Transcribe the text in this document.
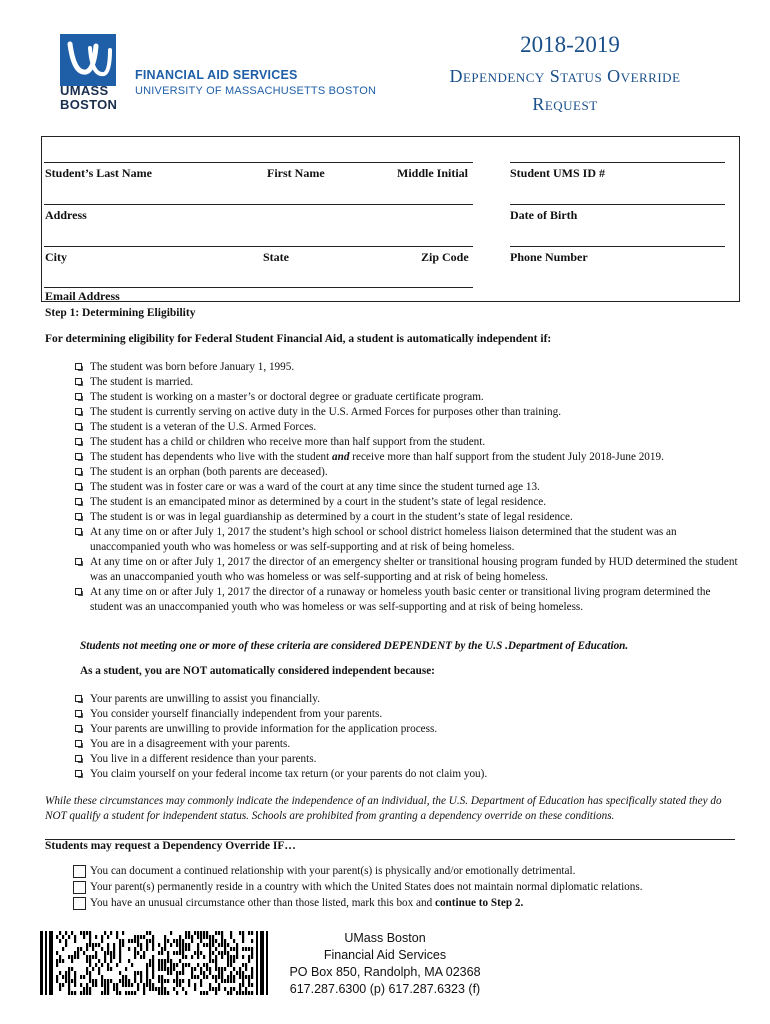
UMASS
BOSTON
FINANCIAL AID SERVICES
UNIVERSITY OF MASSACHUSETTS BOSTON
2018-2019
Dependency Status Override
Request
Student’s Last Name	First Name	Middle Initial	Student UMS ID #
Address	Date of Birth
City	State	Zip Code	Phone Number
Email Address
Step 1: Determining Eligibility
For determining eligibility for Federal Student Financial Aid, a student is automatically independent if:
The student was born before January 1, 1995.
The student is married.
The student is working on a master’s or doctoral degree or graduate certificate program.
The student is currently serving on active duty in the U.S. Armed Forces for purposes other than training.
The student is a veteran of the U.S. Armed Forces.
The student has a child or children who receive more than half support from the student.
The student has dependents who live with the student and receive more than half support from the student July 2018-June 2019.
The student is an orphan (both parents are deceased).
The student was in foster care or was a ward of the court at any time since the student turned age 13.
The student is an emancipated minor as determined by a court in the student’s state of legal residence.
The student is or was in legal guardianship as determined by a court in the student’s state of legal residence.
At any time on or after July 1, 2017 the student’s high school or school district homeless liaison determined that the student was an unaccompanied youth who was homeless or was self-supporting and at risk of being homeless.
At any time on or after July 1, 2017 the director of an emergency shelter or transitional housing program funded by HUD determined the student was an unaccompanied youth who was homeless or was self-supporting and at risk of being homeless.
At any time on or after July 1, 2017 the director of a runaway or homeless youth basic center or transitional living program determined the student was an unaccompanied youth who was homeless or was self-supporting and at risk of being homeless.
Students not meeting one or more of these criteria are considered DEPENDENT by the U.S .Department of Education.
As a student, you are NOT automatically considered independent because:
Your parents are unwilling to assist you financially.
You consider yourself financially independent from your parents.
Your parents are unwilling to provide information for the application process.
You are in a disagreement with your parents.
You live in a different residence than your parents.
You claim yourself on your federal income tax return (or your parents do not claim you).
While these circumstances may commonly indicate the independence of an individual, the U.S. Department of Education has specifically stated they do NOT qualify a student for independent status. Schools are prohibited from granting a dependency override on these conditions.
Students may request a Dependency Override IF…
You can document a continued relationship with your parent(s) is physically and/or emotionally detrimental.
Your parent(s) permanently reside in a country with which the United States does not maintain normal diplomatic relations.
You have an unusual circumstance other than those listed, mark this box and continue to Step 2.
UMass Boston
Financial Aid Services
PO Box 850, Randolph, MA 02368
617.287.6300 (p) 617.287.6323 (f)
